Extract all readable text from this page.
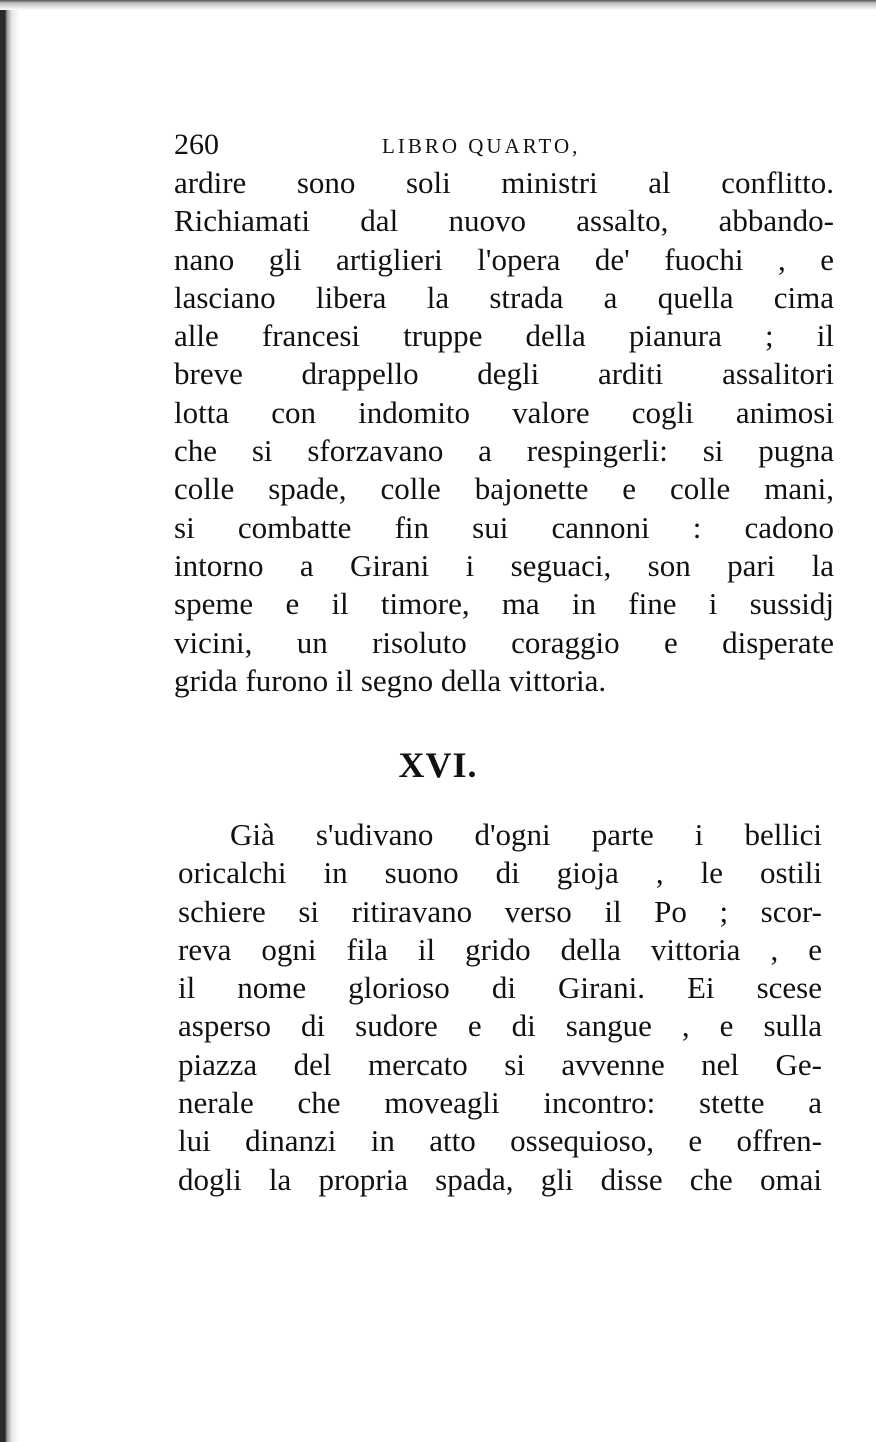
260	LIBRO QUARTO,
ardire sono soli ministri al conflitto.
Richiamati dal nuovo assalto, abbando-
nano gli artiglieri l'opera de' fuochi , e
lasciano libera la strada a quella cima
alle francesi truppe della pianura ; il
breve drappello degli arditi assalitori
lotta con indomito valore cogli animosi
che si sforzavano a respingerli: si pugna
colle spade, colle bajonette e colle mani,
si combatte fin sui cannoni : cadono
intorno a Girani i seguaci, son pari la
speme e il timore, ma in fine i sussidj
vicini, un risoluto coraggio e disperate
grida furono il segno della vittoria.
XVI.
Già s'udivano d'ogni parte i bellici
oricalchi in suono di gioja , le ostili
schiere si ritiravano verso il Po ; scor-
reva ogni fila il grido della vittoria , e
il nome glorioso di Girani. Ei scese
asperso di sudore e di sangue , e sulla
piazza del mercato si avvenne nel Ge-
nerale che moveagli incontro: stette a
lui dinanzi in atto ossequioso, e offren-
dogli la propria spada, gli disse che omai
